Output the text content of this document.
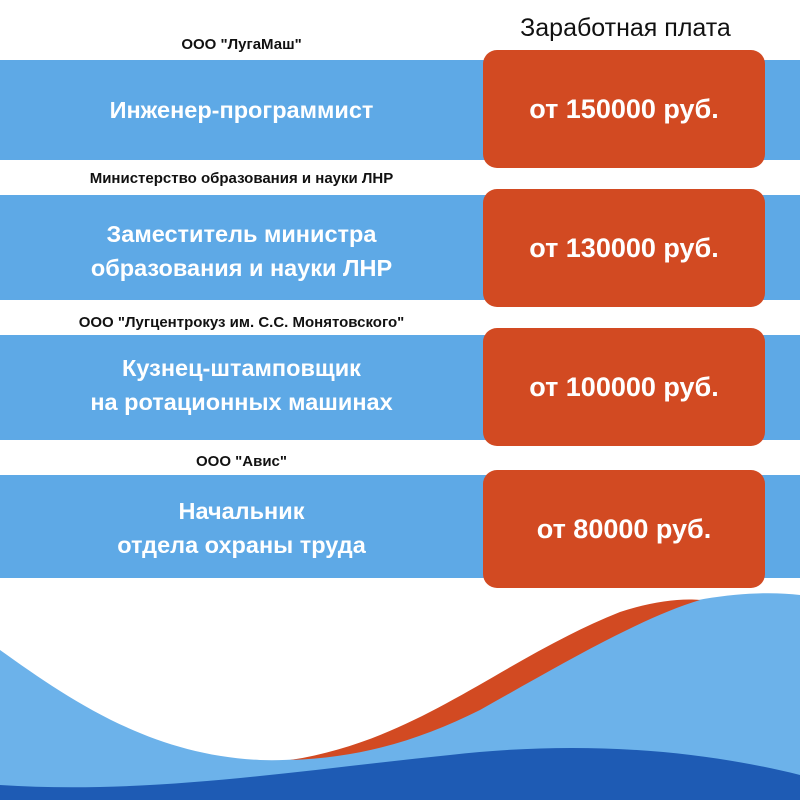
Заработная плата
ООО "ЛугаМаш"
Инженер-программист	от 150000 руб.
Министерство образования и науки ЛНР
Заместитель министра
образования и науки ЛНР
от 130000 руб.
ООО "Лугцентрокуз им. С.С. Монятовского"
Кузнец-штамповщик
на ротационных машинах
от 100000 руб.
ООО "Авис"
Начальник
отдела охраны труда
от 80000 руб.
